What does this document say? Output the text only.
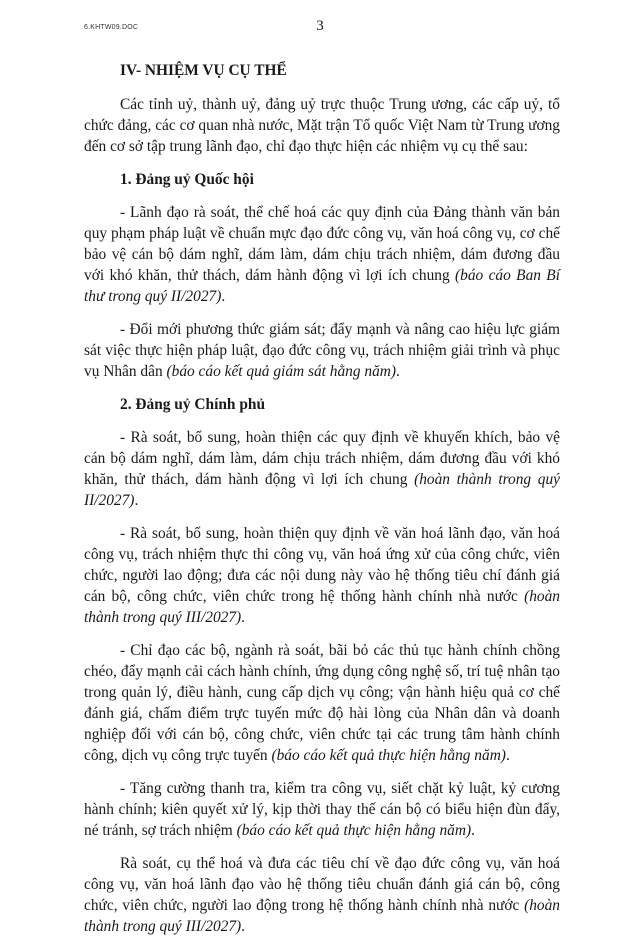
6.KHTW09.DOC	3
IV- NHIỆM VỤ CỤ THỂ

Các tỉnh uỷ, thành uỷ, đảng uỷ trực thuộc Trung ương, các cấp uỷ, tổ chức đảng, các cơ quan nhà nước, Mặt trận Tổ quốc Việt Nam từ Trung ương đến cơ sở tập trung lãnh đạo, chỉ đạo thực hiện các nhiệm vụ cụ thể sau:

1. Đảng uỷ Quốc hội

- Lãnh đạo rà soát, thể chế hoá các quy định của Đảng thành văn bản quy phạm pháp luật về chuẩn mực đạo đức công vụ, văn hoá công vụ, cơ chế bảo vệ cán bộ dám nghĩ, dám làm, dám chịu trách nhiệm, dám đương đầu với khó khăn, thử thách, dám hành động vì lợi ích chung (báo cáo Ban Bí thư trong quý II/2027).

- Đổi mới phương thức giám sát; đẩy mạnh và nâng cao hiệu lực giám sát việc thực hiện pháp luật, đạo đức công vụ, trách nhiệm giải trình và phục vụ Nhân dân (báo cáo kết quả giám sát hằng năm).

2. Đảng uỷ Chính phủ

- Rà soát, bổ sung, hoàn thiện các quy định về khuyến khích, bảo vệ cán bộ dám nghĩ, dám làm, dám chịu trách nhiệm, dám đương đầu với khó khăn, thử thách, dám hành động vì lợi ích chung (hoàn thành trong quý II/2027).

- Rà soát, bổ sung, hoàn thiện quy định về văn hoá lãnh đạo, văn hoá công vụ, trách nhiệm thực thi công vụ, văn hoá ứng xử của công chức, viên chức, người lao động; đưa các nội dung này vào hệ thống tiêu chí đánh giá cán bộ, công chức, viên chức trong hệ thống hành chính nhà nước (hoàn thành trong quý III/2027).

- Chỉ đạo các bộ, ngành rà soát, bãi bỏ các thủ tục hành chính chồng chéo, đẩy mạnh cải cách hành chính, ứng dụng công nghệ số, trí tuệ nhân tạo trong quản lý, điều hành, cung cấp dịch vụ công; vận hành hiệu quả cơ chế đánh giá, chấm điểm trực tuyến mức độ hài lòng của Nhân dân và doanh nghiệp đối với cán bộ, công chức, viên chức tại các trung tâm hành chính công, dịch vụ công trực tuyến (báo cáo kết quả thực hiện hằng năm).

- Tăng cường thanh tra, kiểm tra công vụ, siết chặt kỷ luật, kỷ cương hành chính; kiên quyết xử lý, kịp thời thay thế cán bộ có biểu hiện đùn đẩy, né tránh, sợ trách nhiệm (báo cáo kết quả thực hiện hằng năm).

Rà soát, cụ thể hoá và đưa các tiêu chí về đạo đức công vụ, văn hoá công vụ, văn hoá lãnh đạo vào hệ thống tiêu chuẩn đánh giá cán bộ, công chức, viên chức, người lao động trong hệ thống hành chính nhà nước (hoàn thành trong quý III/2027).
